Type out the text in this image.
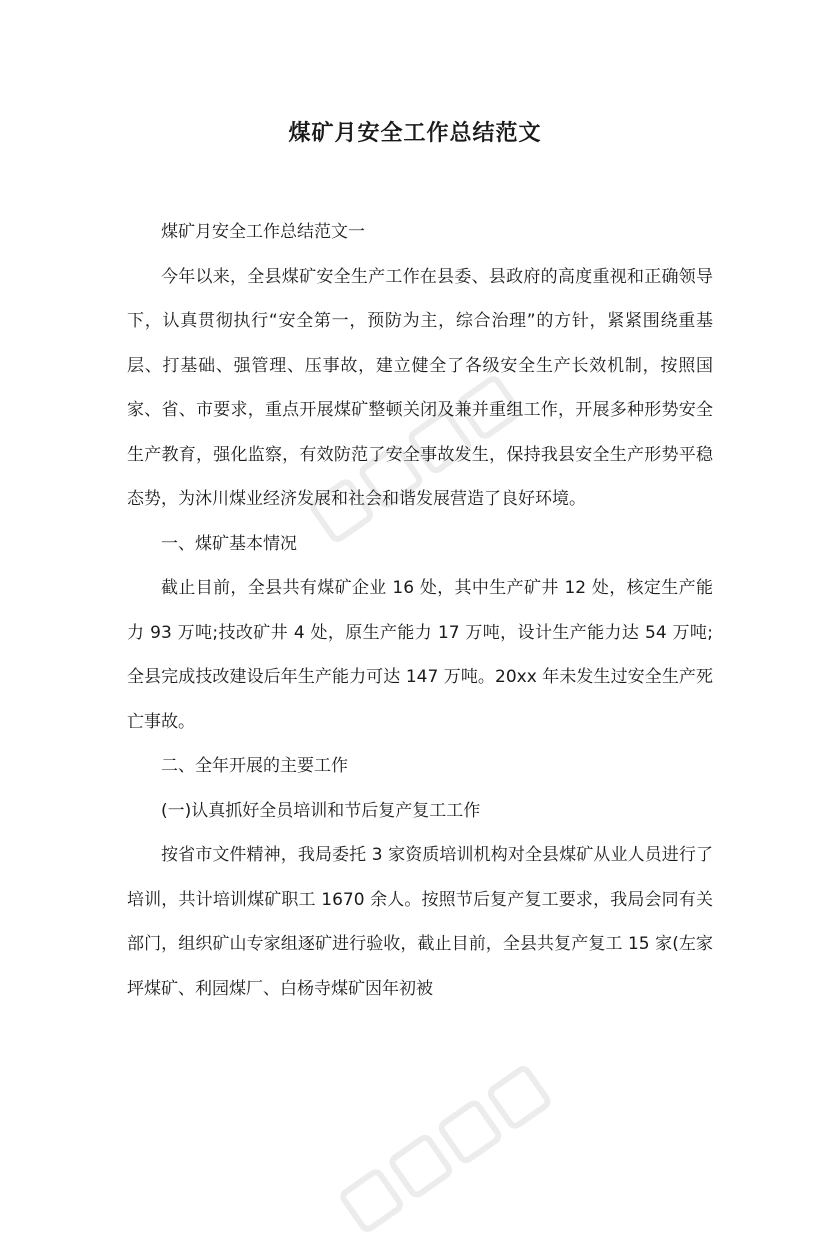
煤矿月安全工作总结范文

煤矿月安全工作总结范文一

今年以来，全县煤矿安全生产工作在县委、县政府的高度重视和正确领导下，认真贯彻执行“安全第一，预防为主，综合治理”的方针，紧紧围绕重基层、打基础、强管理、压事故，建立健全了各级安全生产长效机制，按照国家、省、市要求，重点开展煤矿整顿关闭及兼并重组工作，开展多种形势安全生产教育，强化监察，有效防范了安全事故发生，保持我县安全生产形势平稳态势，为沐川煤业经济发展和社会和谐发展营造了良好环境。

一、煤矿基本情况

截止目前，全县共有煤矿企业 16 处，其中生产矿井 12 处，核定生产能力 93 万吨;技改矿井 4 处，原生产能力 17 万吨，设计生产能力达 54 万吨;全县完成技改建设后年生产能力可达 147 万吨。20xx 年未发生过安全生产死亡事故。

二、全年开展的主要工作

(一)认真抓好全员培训和节后复产复工工作

按省市文件精神，我局委托 3 家资质培训机构对全县煤矿从业人员进行了培训，共计培训煤矿职工 1670 余人。按照节后复产复工要求，我局会同有关部门，组织矿山专家组逐矿进行验收，截止目前，全县共复产复工 15 家(左家坪煤矿、利园煤厂、白杨寺煤矿因年初被
